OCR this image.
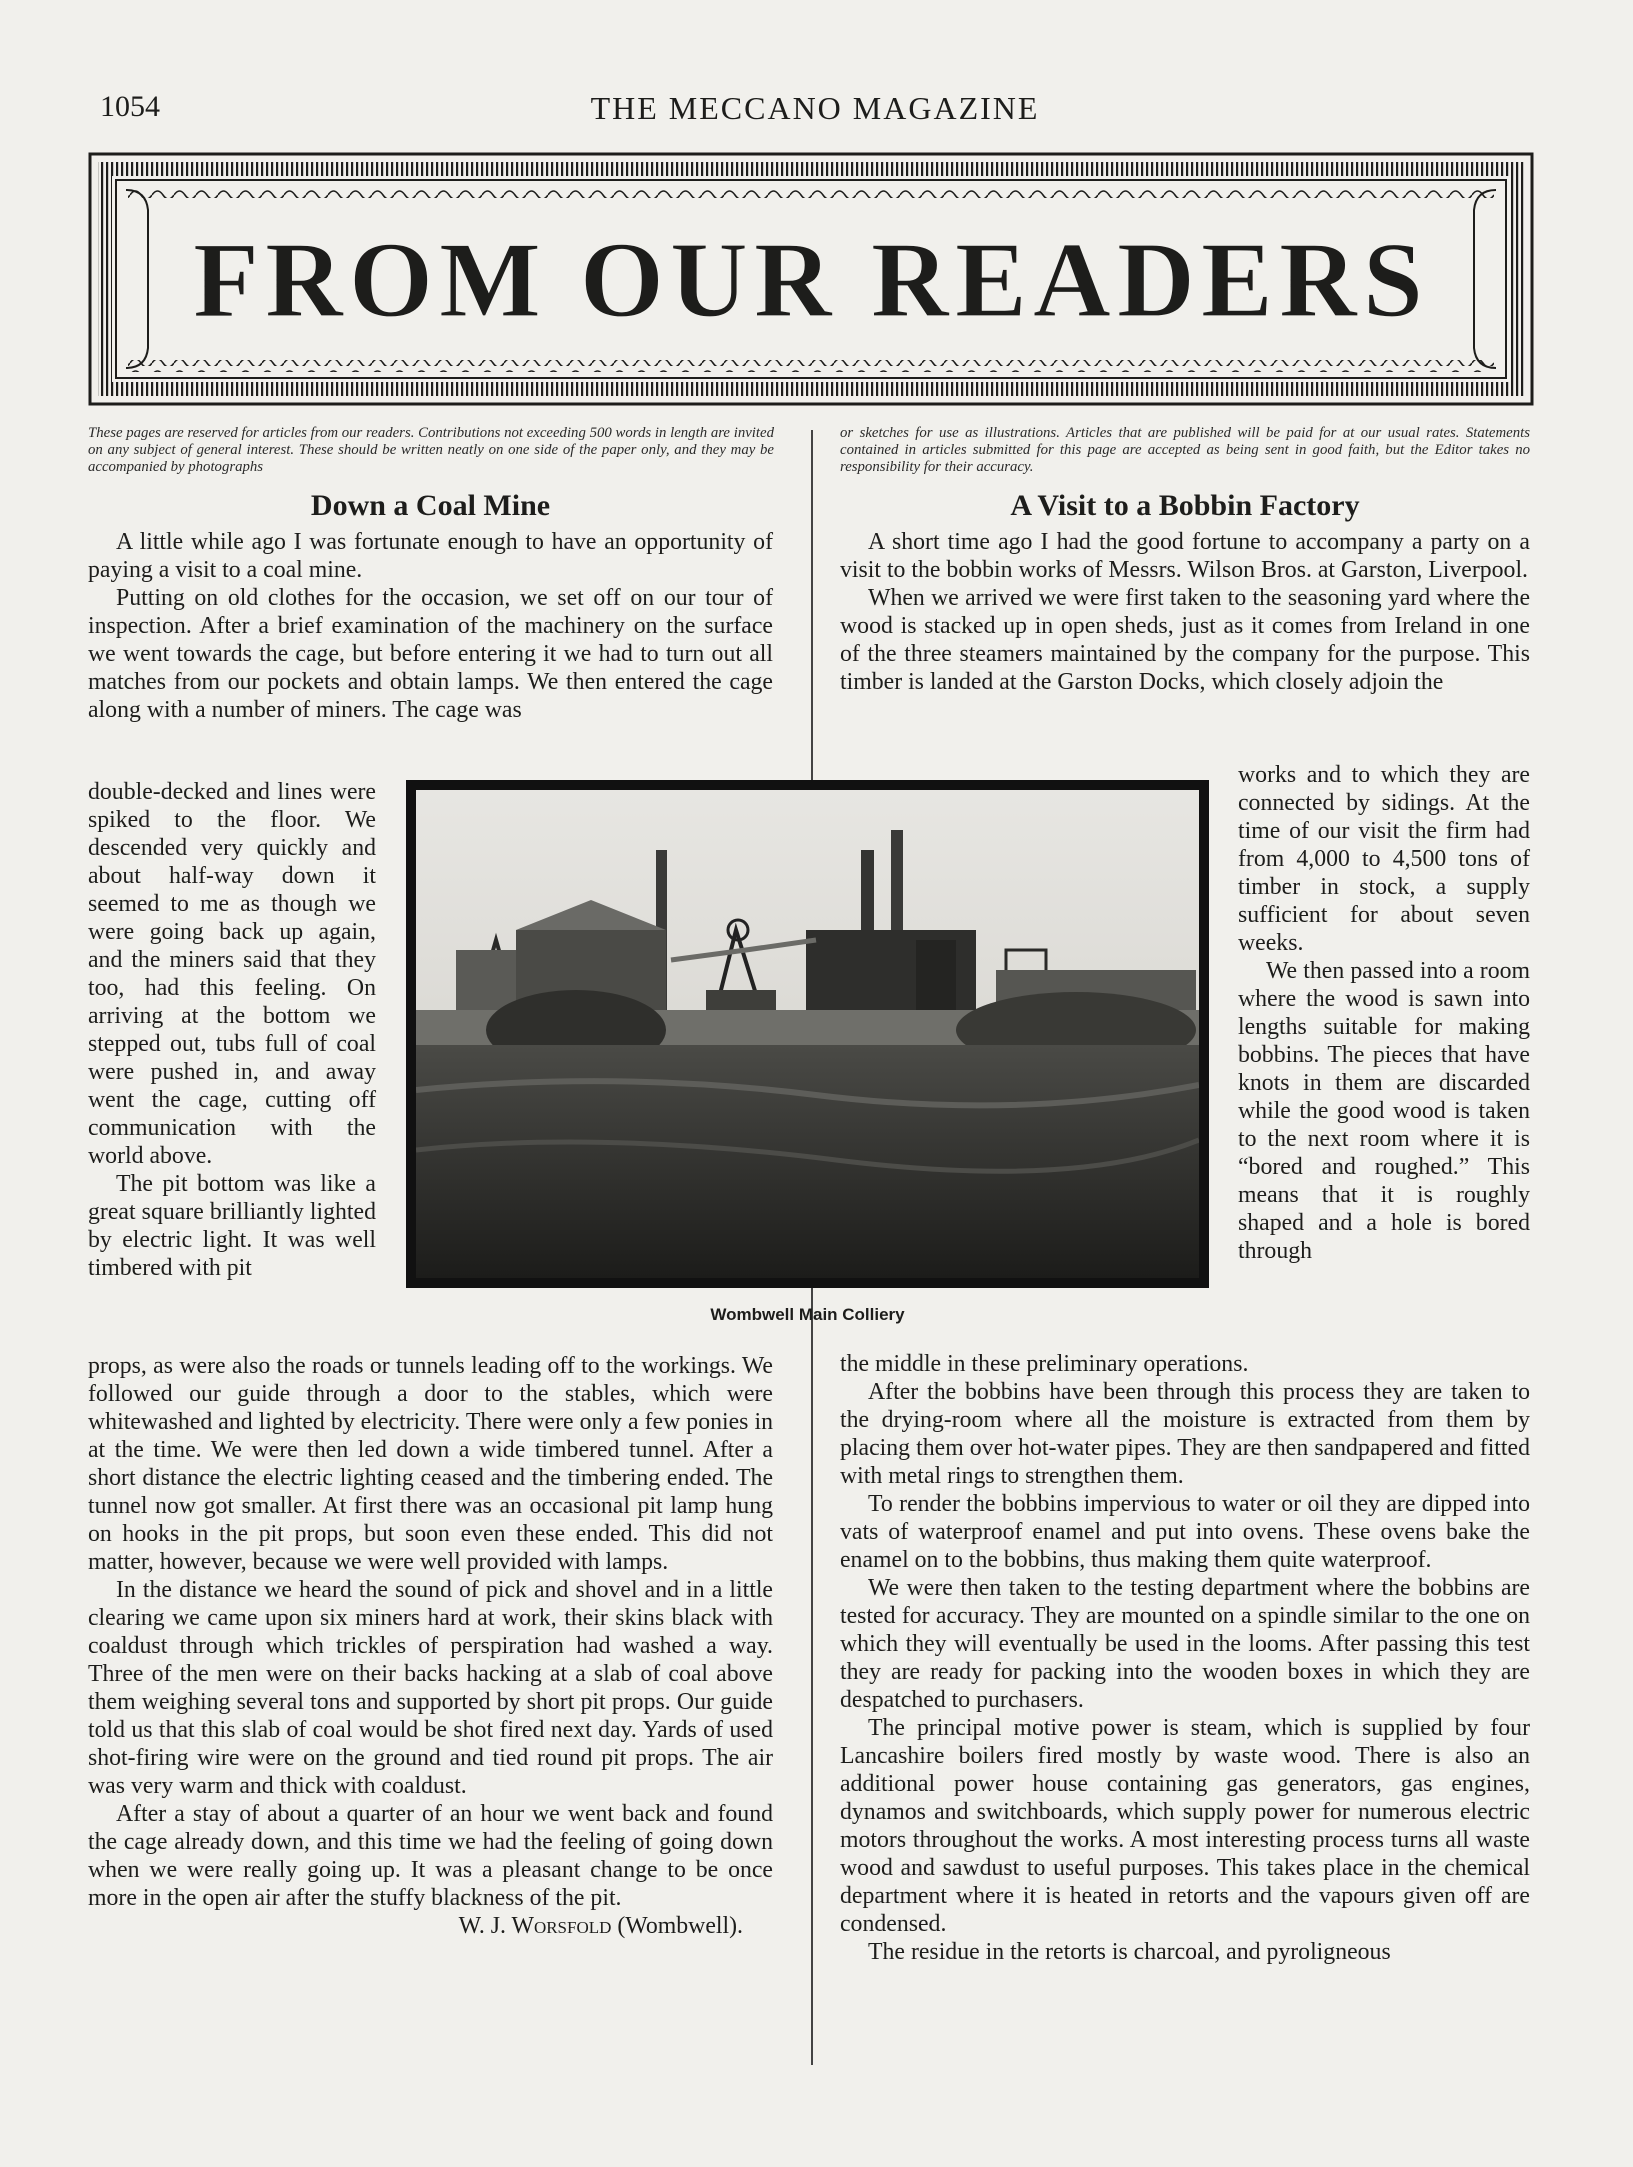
1054	THE MECCANO MAGAZINE
FROM OUR READERS
These pages are reserved for articles from our readers. Contributions not exceeding 500 words in length are invited on any subject of general interest. These should be written neatly on one side of the paper only, and they may be accompanied by photographs
or sketches for use as illustrations. Articles that are published will be paid for at our usual rates. Statements contained in articles submitted for this page are accepted as being sent in good faith, but the Editor takes no responsibility for their accuracy.
Down a Coal Mine

A little while ago I was fortunate enough to have an opportunity of paying a visit to a coal mine.

Putting on old clothes for the occasion, we set off on our tour of inspection. After a brief examination of the machinery on the surface we went towards the cage, but before entering it we had to turn out all matches from our pockets and obtain lamps. We then entered the cage along with a number of miners. The cage was

double-decked and lines were spiked to the floor. We descended very quickly and about half-way down it seemed to me as though we were going back up again, and the miners said that they too, had this feeling. On arriving at the bottom we stepped out, tubs full of coal were pushed in, and away went the cage, cutting off communication with the world above.

The pit bottom was like a great square brilliantly lighted by electric light. It was well timbered with pit

props, as were also the roads or tunnels leading off to the workings. We followed our guide through a door to the stables, which were whitewashed and lighted by electricity. There were only a few ponies in at the time. We were then led down a wide timbered tunnel. After a short distance the electric lighting ceased and the timbering ended. The tunnel now got smaller. At first there was an occasional pit lamp hung on hooks in the pit props, but soon even these ended. This did not matter, however, because we were well provided with lamps.

In the distance we heard the sound of pick and shovel and in a little clearing we came upon six miners hard at work, their skins black with coaldust through which trickles of perspiration had washed a way. Three of the men were on their backs hacking at a slab of coal above them weighing several tons and supported by short pit props. Our guide told us that this slab of coal would be shot fired next day. Yards of used shot-firing wire were on the ground and tied round pit props. The air was very warm and thick with coaldust.

After a stay of about a quarter of an hour we went back and found the cage already down, and this time we had the feeling of going down when we were really going up. It was a pleasant change to be once more in the open air after the stuffy blackness of the pit.

W. J. Worsfold (Wombwell).

Wombwell Main Colliery
A Visit to a Bobbin Factory

A short time ago I had the good fortune to accompany a party on a visit to the bobbin works of Messrs. Wilson Bros. at Garston, Liverpool.

When we arrived we were first taken to the seasoning yard where the wood is stacked up in open sheds, just as it comes from Ireland in one of the three steamers maintained by the company for the purpose. This timber is landed at the Garston Docks, which closely adjoin the

works and to which they are connected by sidings. At the time of our visit the firm had from 4,000 to 4,500 tons of timber in stock, a supply sufficient for about seven weeks.

We then passed into a room where the wood is sawn into lengths suitable for making bobbins. The pieces that have knots in them are discarded while the good wood is taken to the next room where it is “bored and roughed.” This means that it is roughly shaped and a hole is bored through

the middle in these preliminary operations.

After the bobbins have been through this process they are taken to the drying-room where all the moisture is extracted from them by placing them over hot-water pipes. They are then sandpapered and fitted with metal rings to strengthen them.

To render the bobbins impervious to water or oil they are dipped into vats of waterproof enamel and put into ovens. These ovens bake the enamel on to the bobbins, thus making them quite waterproof.

We were then taken to the testing department where the bobbins are tested for accuracy. They are mounted on a spindle similar to the one on which they will eventually be used in the looms. After passing this test they are ready for packing into the wooden boxes in which they are despatched to purchasers.

The principal motive power is steam, which is supplied by four Lancashire boilers fired mostly by waste wood. There is also an additional power house containing gas generators, gas engines, dynamos and switchboards, which supply power for numerous electric motors throughout the works. A most interesting process turns all waste wood and sawdust to useful purposes. This takes place in the chemical department where it is heated in retorts and the vapours given off are condensed.

The residue in the retorts is charcoal, and pyroligneous
